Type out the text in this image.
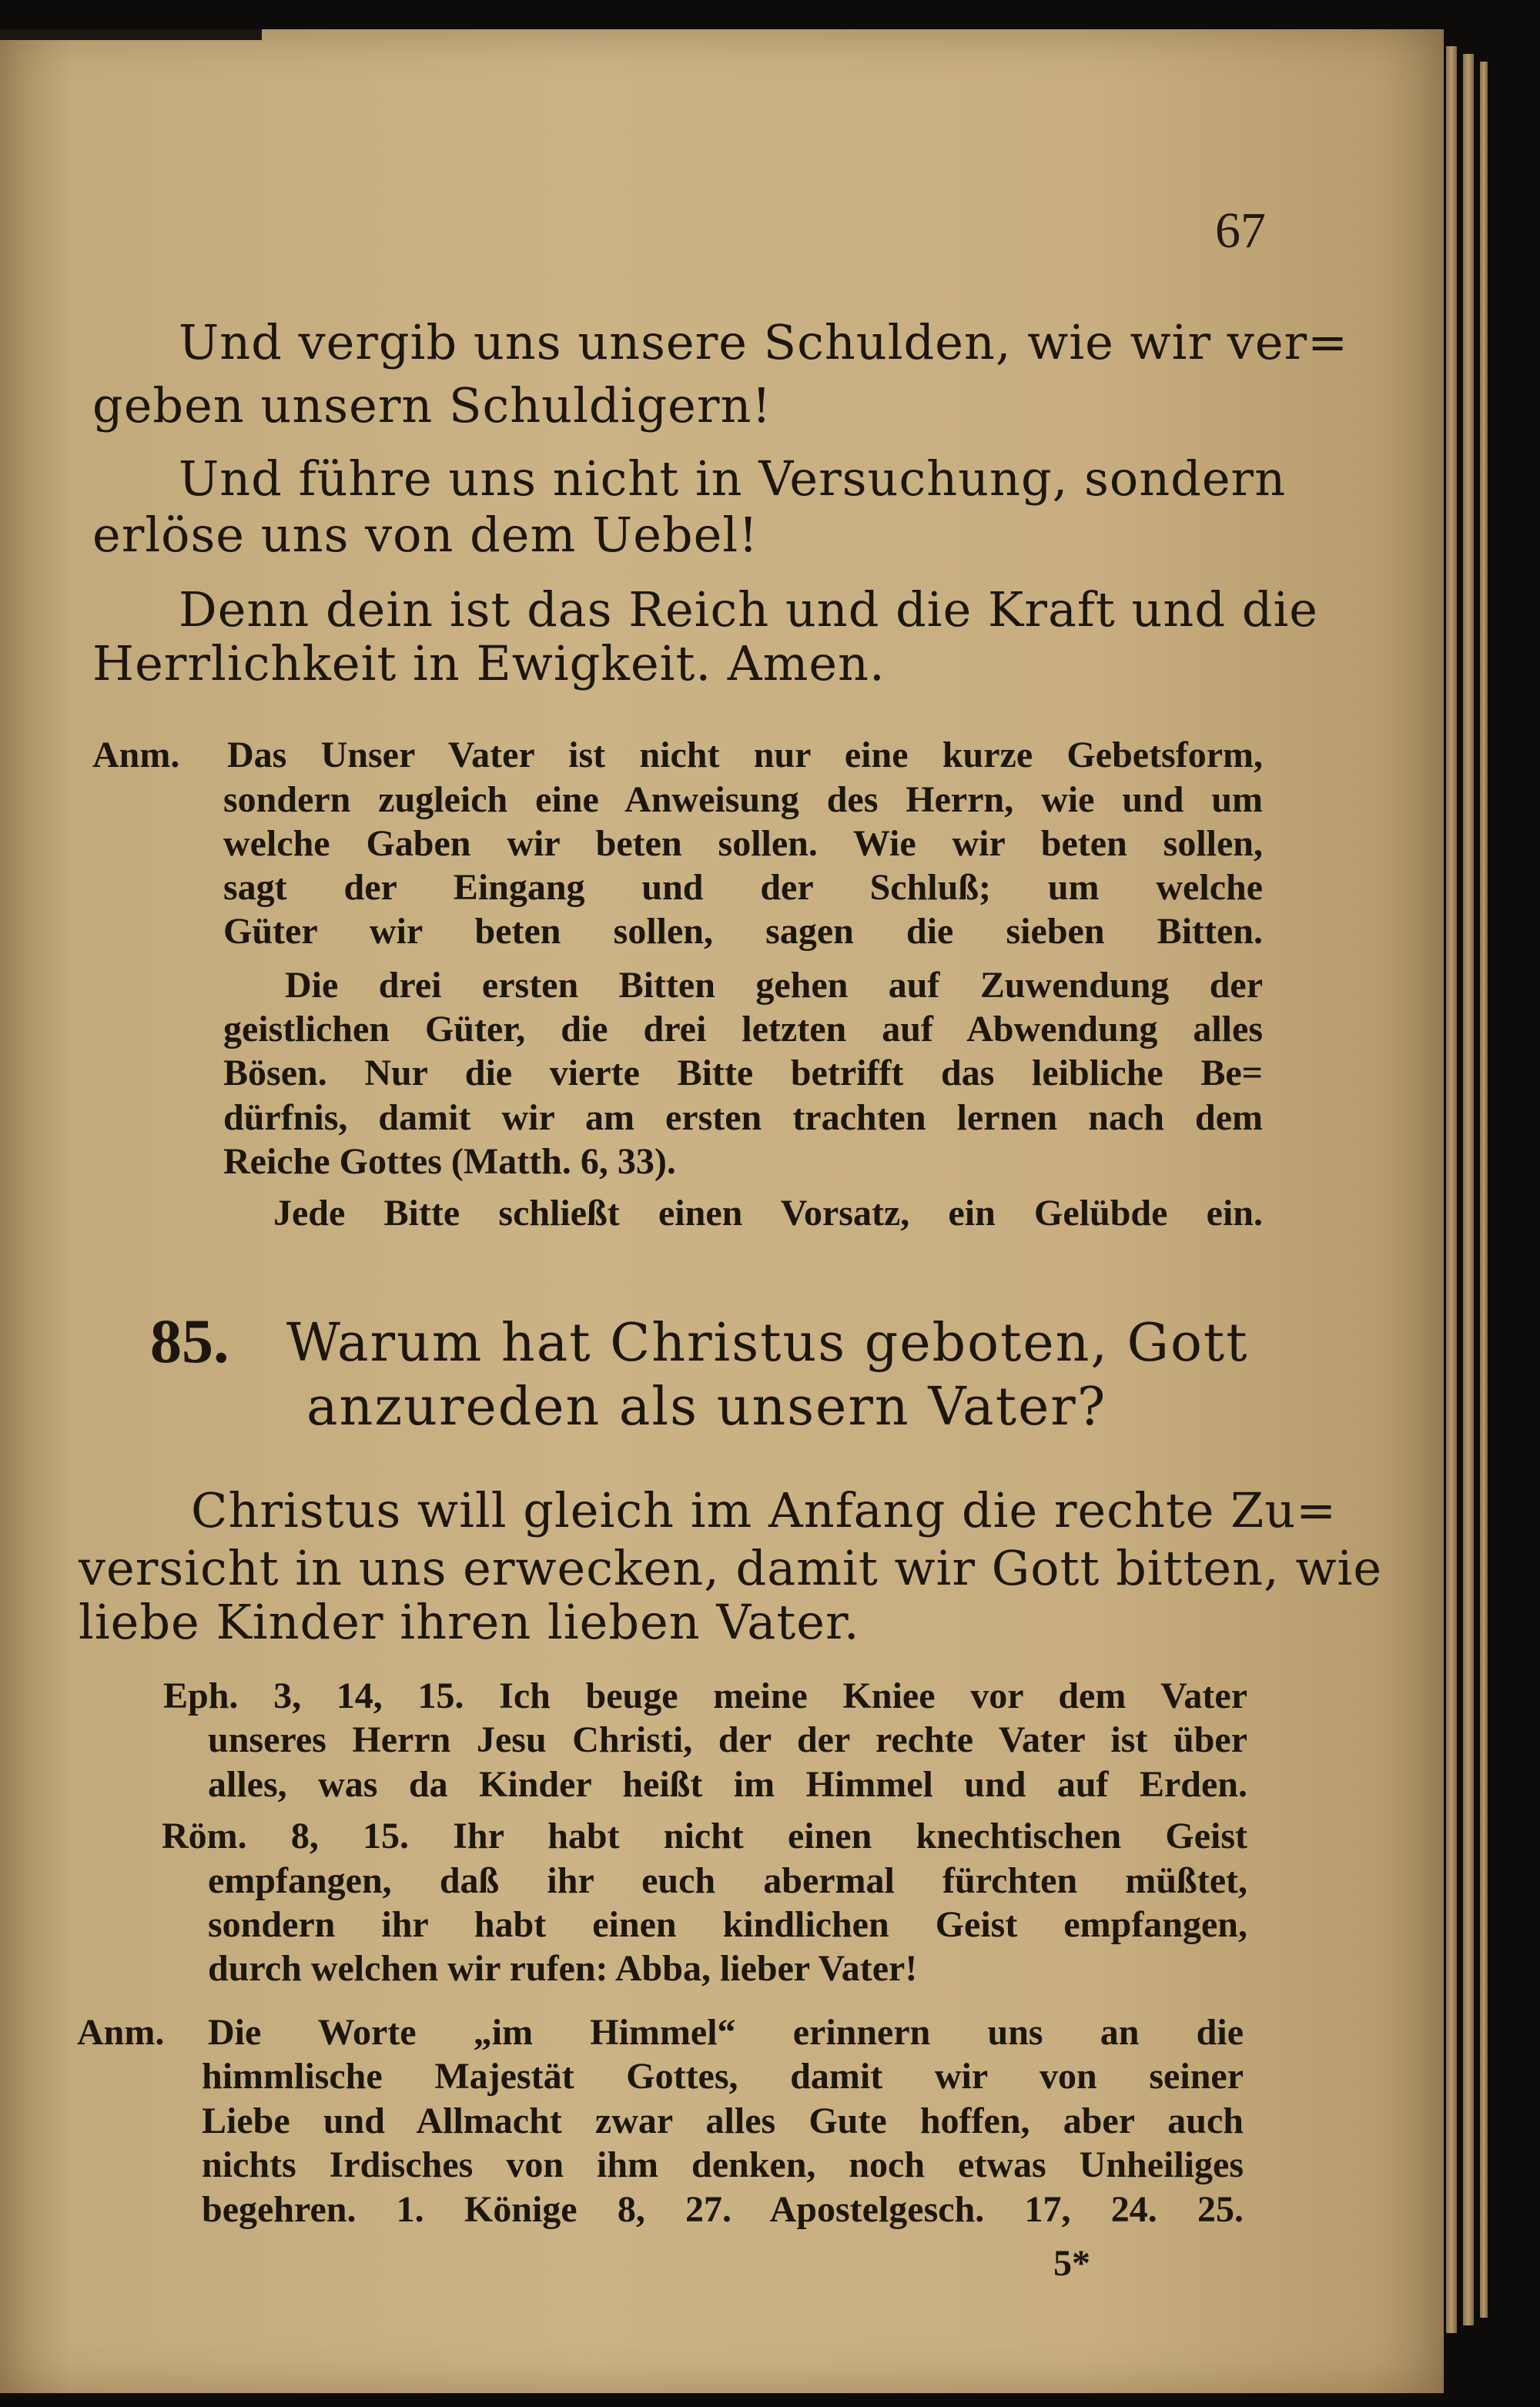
67
Und vergib uns unsere Schulden, wie wir ver=
geben unsern Schuldigern!
Und führe uns nicht in Versuchung, sondern
erlöse uns von dem Uebel!
Denn dein ist das Reich und die Kraft und die
Herrlichkeit in Ewigkeit. Amen.
Anm. Das Unser Vater ist nicht nur eine kurze Gebetsform,
sondern zugleich eine Anweisung des Herrn, wie und um
welche Gaben wir beten sollen. Wie wir beten sollen,
sagt der Eingang und der Schluß; um welche
Güter wir beten sollen, sagen die sieben Bitten.
Die drei ersten Bitten gehen auf Zuwendung der
geistlichen Güter, die drei letzten auf Abwendung alles
Bösen. Nur die vierte Bitte betrifft das leibliche Be=
dürfnis, damit wir am ersten trachten lernen nach dem
Reiche Gottes (Matth. 6, 33).
Jede Bitte schließt einen Vorsatz, ein Gelübde ein.
85. Warum hat Christus geboten, Gott
anzureden als unsern Vater?
Christus will gleich im Anfang die rechte Zu=
versicht in uns erwecken, damit wir Gott bitten, wie
liebe Kinder ihren lieben Vater.
Eph. 3, 14, 15. Ich beuge meine Kniee vor dem Vater
unseres Herrn Jesu Christi, der der rechte Vater ist über
alles, was da Kinder heißt im Himmel und auf Erden.
Röm. 8, 15. Ihr habt nicht einen knechtischen Geist
empfangen, daß ihr euch abermal fürchten müßtet,
sondern ihr habt einen kindlichen Geist empfangen,
durch welchen wir rufen: Abba, lieber Vater!
Anm. Die Worte „im Himmel“ erinnern uns an die
himmlische Majestät Gottes, damit wir von seiner
Liebe und Allmacht zwar alles Gute hoffen, aber auch
nichts Irdisches von ihm denken, noch etwas Unheiliges
begehren. 1. Könige 8, 27. Apostelgesch. 17, 24. 25.
5*
